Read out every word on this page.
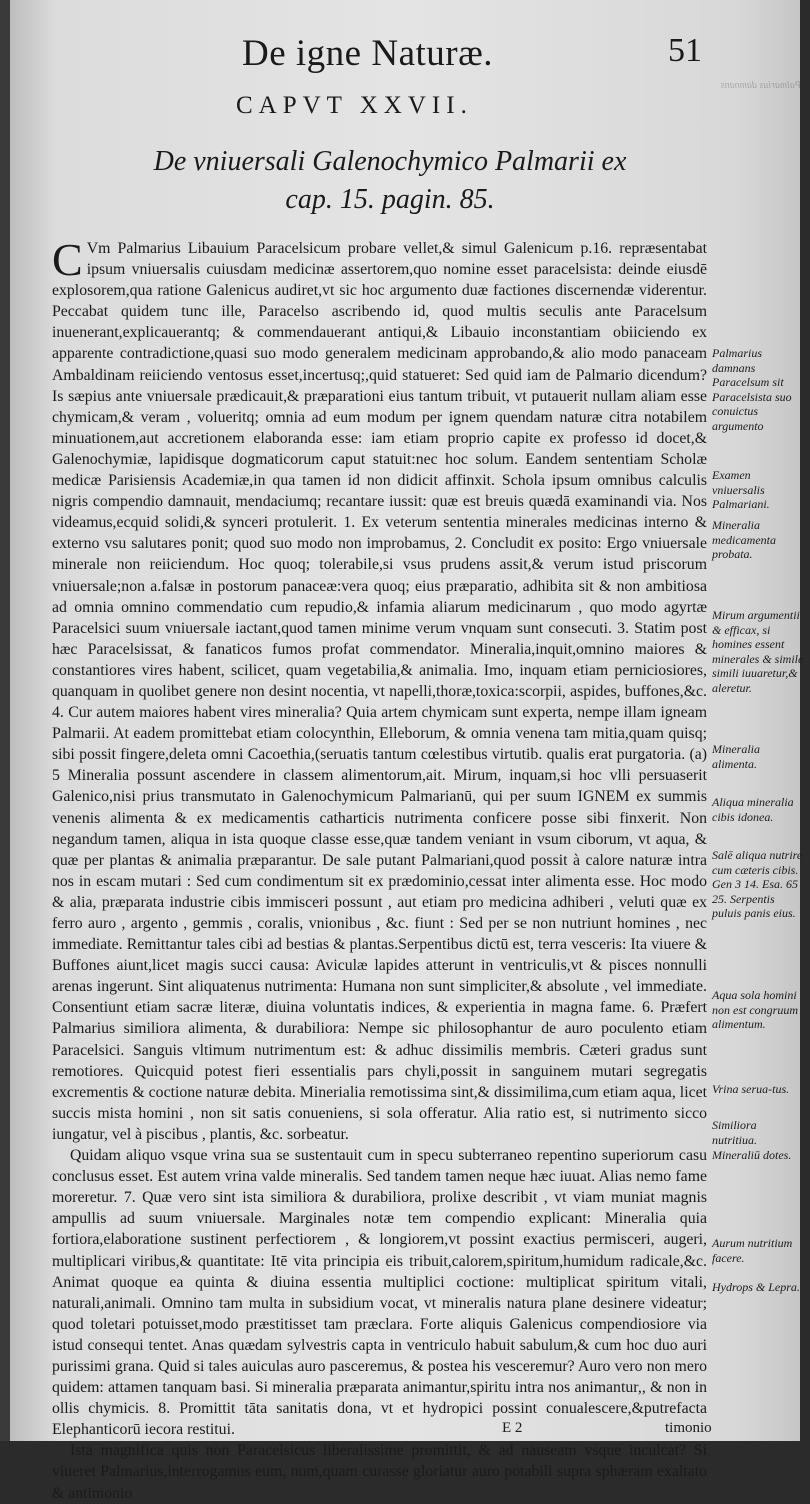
Palmarius damnans
De igne Naturæ.	51
CAPVT XXVII.
De vniuersali Galenochymico Palmarii ex cap. 15. pagin. 85.

C Vm Palmarius Libauium Paracelsicum probare vellet,& simul Galenicum p.16. repræsentabat ipsum vniuersalis cuiusdam medicinæ assertorem,quo nomine esset paracelsista: deinde eiusdē explosorem,qua ratione Galenicus audiret,vt sic hoc argumento duæ factiones discernendæ viderentur. Peccabat quidem tunc ille, Paracelso ascribendo id, quod multis seculis ante Paracelsum inuenerant,explicauerantq; & commendauerant antiqui,& Libauio inconstantiam obiiciendo ex apparente contradictione,quasi suo modo generalem medicinam approbando,& alio modo panaceam Ambaldinam reiiciendo ventosus esset,incertusq;,quid statueret: Sed quid iam de Palmario dicendum? Is sæpius ante vniuersale prædicauit,& præparationi eius tantum tribuit, vt putauerit nullam aliam esse chymicam,& veram , volueritq; omnia ad eum modum per ignem quendam naturæ citra notabilem minuationem,aut accretionem elaboranda esse: iam etiam proprio capite ex professo id docet,& Galenochymiæ, lapidisque dogmaticorum caput statuit:nec hoc solum. Eandem sententiam Scholæ medicæ Parisiensis Academiæ,in qua tamen id non didicit affinxit. Schola ipsum omnibus calculis nigris compendio damnauit, mendaciumq; recantare iussit: quæ est breuis quædā examinandi via. Nos videamus,ecquid solidi,& synceri protulerit. 1. Ex veterum sententia minerales medicinas interno & externo vsu salutares ponit; quod suo modo non improbamus, 2. Concludit ex posito: Ergo vniuersale minerale non reiiciendum. Hoc quoq; tolerabile,si vsus prudens assit,& verum istud priscorum vniuersale;non a.falsæ in postorum panaceæ:vera quoq; eius præparatio, adhibita sit & non ambitiosa ad omnia omnino commendatio cum repudio,& infamia aliarum medicinarum , quo modo agyrtæ Paracelsici suum vniuersale iactant,quod tamen minime verum vnquam sunt consecuti. 3. Statim post hæc Paracelsissat, & fanaticos fumos profat commendator. Mineralia,inquit,omnino maiores & constantiores vires habent, scilicet, quam vegetabilia,& animalia. Imo, inquam etiam perniciosiores, quanquam in quolibet genere non desint nocentia, vt napelli,thoræ,toxica:scorpii, aspides, buffones,&c. 4. Cur autem maiores habent vires mineralia? Quia artem chymicam sunt experta, nempe illam igneam Palmarii. At eadem promittebat etiam colocynthin, Elleborum, & omnia venena tam mitia,quam quisq; sibi possit fingere,deleta omni Cacoethia,(seruatis tantum cœlestibus virtutib. qualis erat purgatoria. (a) 5 Mineralia possunt ascendere in classem alimentorum,ait. Mirum, inquam,si hoc vlli persuaserit Galenico,nisi prius transmutato in Galenochymicum Palmarianū, qui per suum IGNEM ex summis venenis alimenta & ex medicamentis catharticis nutrimenta conficere posse sibi finxerit. Non negandum tamen, aliqua in ista quoque classe esse,quæ tandem veniant in vsum ciborum, vt aqua, & quæ per plantas & animalia præparantur. De sale putant Palmariani,quod possit à calore naturæ intra nos in escam mutari : Sed cum condimentum sit ex prædominio,cessat inter alimenta esse. Hoc modo & alia, præparata industrie cibis immisceri possunt , aut etiam pro medicina adhiberi , veluti quæ ex ferro auro , argento , gemmis , coralis, vnionibus , &c. fiunt : Sed per se non nutriunt homines , nec immediate. Remittantur tales cibi ad bestias & plantas.Serpentibus dictū est, terra vesceris: Ita viuere & Buffones aiunt,licet magis succi causa: Aviculæ lapides atterunt in ventriculis,vt & pisces nonnulli arenas ingerunt. Sint aliquatenus nutrimenta: Humana non sunt simpliciter,& absolute , vel immediate. Consentiunt etiam sacræ literæ, diuina voluntatis indices, & experientia in magna fame. 6. Præfert Palmarius similiora alimenta, & durabiliora: Nempe sic philosophantur de auro poculento etiam Paracelsici. Sanguis vltimum nutrimentum est: & adhuc dissimilis membris. Cæteri gradus sunt remotiores. Quicquid potest fieri essentialis pars chyli,possit in sanguinem mutari segregatis excrementis & coctione naturæ debita. Minerialia remotissima sint,& dissimilima,cum etiam aqua, licet succis mista homini , non sit satis conueniens, si sola offeratur. Alia ratio est, si nutrimento sicco iungatur, vel à piscibus , plantis, &c. sorbeatur.

Quidam aliquo vsque vrina sua se sustentauit cum in specu subterraneo repentino superiorum casu conclusus esset. Est autem vrina valde mineralis. Sed tandem tamen neque hæc iuuat. Alias nemo fame moreretur. 7. Quæ vero sint ista similiora & durabiliora, prolixe describit , vt viam muniat magnis ampullis ad suum vniuersale. Marginales notæ tem compendio explicant: Mineralia quia fortiora,elaboratione sustinent perfectiorem , & longiorem,vt possint exactius permisceri, augeri, multiplicari viribus,& quantitate: Itē vita principia eis tribuit,calorem,spiritum,humidum radicale,&c. Animat quoque ea quinta & diuina essentia multiplici coctione: multiplicat spiritum vitali, naturali,animali. Omnino tam multa in subsidium vocat, vt mineralis natura plane desinere videatur; quod toletari potuisset,modo præstitisset tam præclara. Forte aliquis Galenicus compendiosiore via istud consequi tentet. Anas quædam sylvestris capta in ventriculo habuit sabulum,& cum hoc duo auri purissimi grana. Quid si tales auiculas auro pasceremus, & postea his vesceremur? Auro vero non mero quidem: attamen tanquam basi. Si mineralia præparata animantur,spiritu intra nos animantur,, & non in ollis chymicis. 8. Promittit tāta sanitatis dona, vt et hydropici possint conualescere,&putrefacta Elephanticorū iecora restitui.

Ista magnifica quis non Paracelsicus liberalissime promittit, & ad nauseam vsque inculcat? Si viueret Palmarius,interrogamus eum, num,quam curasse gloriatur auro potabili supra sphæram exaltato & antimonio

Palmarius damnans Paracelsum sit Paracelsista suo conuictus argumento
Examen vniuersalis Palmariani.
Mineralia medicamenta probata.
Mirum argumentii & efficax, si homines essent minerales & simile simili iuuaretur,& aleretur.
Mineralia alimenta.
Aliqua mineralia cibis idonea.
Salē aliqua nutrire cum cæteris cibis. Gen 3 14. Esa. 65 25. Serpentis puluis panis eius.
Aqua sola homini non est congruum alimentum.
Vrina serua-tus.
Similiora nutritiua.
Mineraliū dotes.
Aurum nutritium facere.
Hydrops & Lepra.
E 2	timonio
